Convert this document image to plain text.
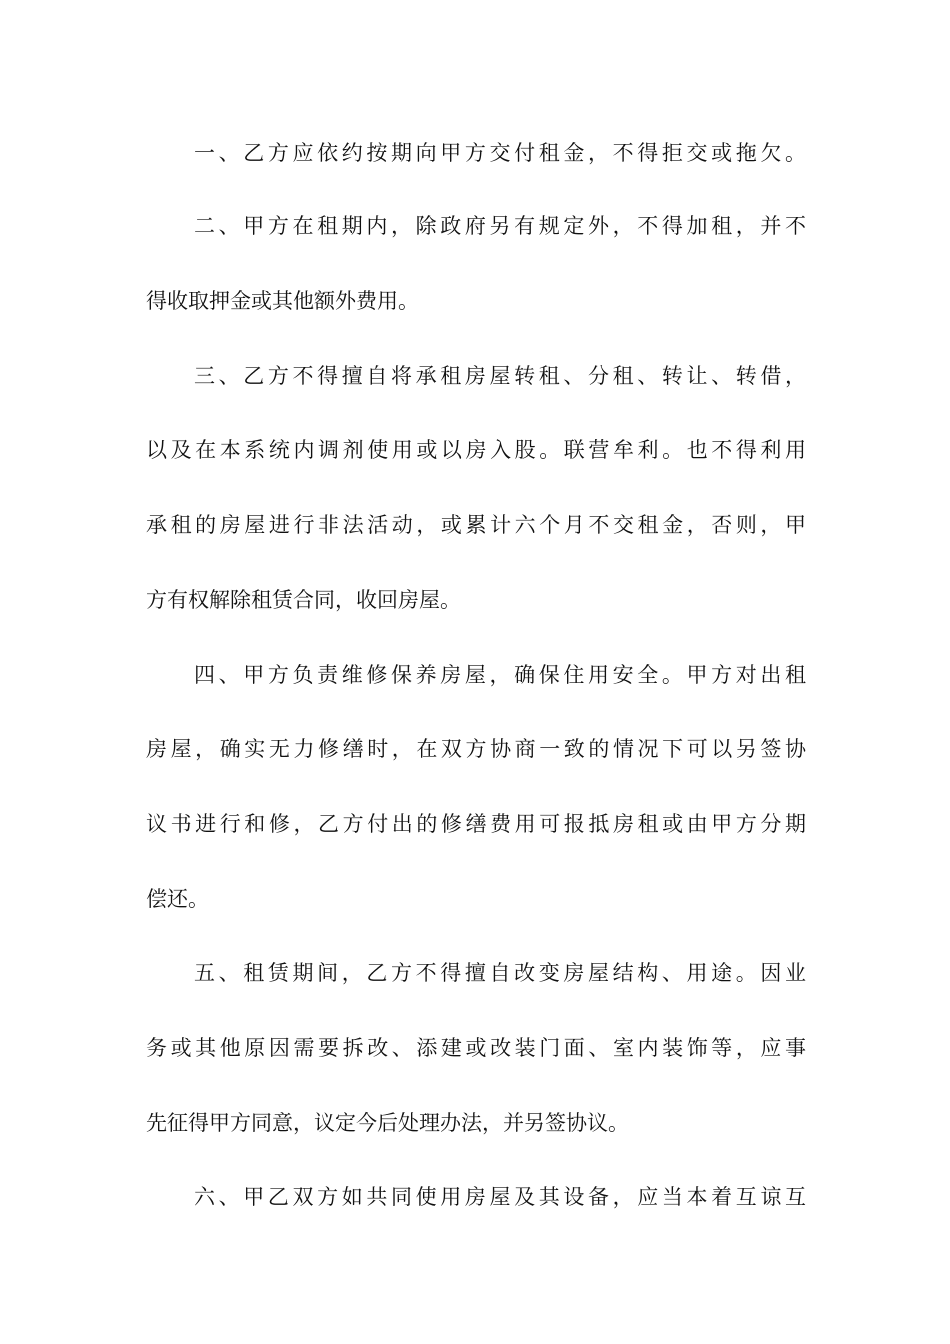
一、乙方应依约按期向甲方交付租金，不得拒交或拖欠。
二、甲方在租期内，除政府另有规定外，不得加租，并不
得收取押金或其他额外费用。
三、乙方不得擅自将承租房屋转租、分租、转让、转借，
以及在本系统内调剂使用或以房入股。联营牟利。也不得利用
承租的房屋进行非法活动，或累计六个月不交租金，否则，甲
方有权解除租赁合同，收回房屋。
四、甲方负责维修保养房屋，确保住用安全。甲方对出租
房屋，确实无力修缮时，在双方协商一致的情况下可以另签协
议书进行和修，乙方付出的修缮费用可报抵房租或由甲方分期
偿还。
五、租赁期间，乙方不得擅自改变房屋结构、用途。因业
务或其他原因需要拆改、添建或改装门面、室内装饰等，应事
先征得甲方同意，议定今后处理办法，并另签协议。
六、甲乙双方如共同使用房屋及其设备，应当本着互谅互
